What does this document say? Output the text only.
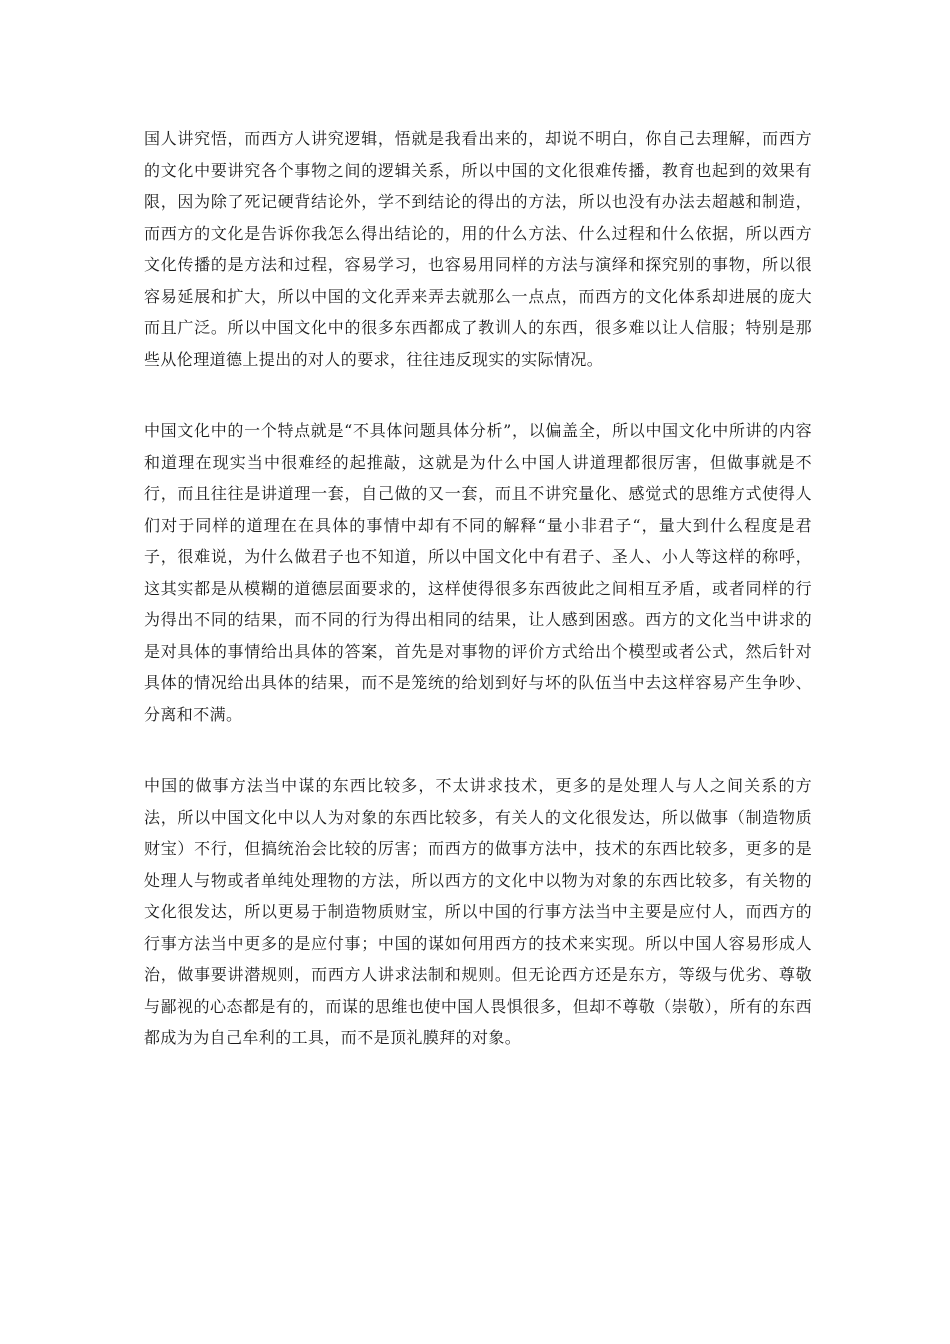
国人讲究悟，而西方人讲究逻辑，悟就是我看出来的，却说不明白，你自己去理解，而西方的文化中要讲究各个事物之间的逻辑关系，所以中国的文化很难传播，教育也起到的效果有限，因为除了死记硬背结论外，学不到结论的得出的方法，所以也没有办法去超越和制造，而西方的文化是告诉你我怎么得出结论的，用的什么方法、什么过程和什么依据，所以西方文化传播的是方法和过程，容易学习，也容易用同样的方法与演绎和探究别的事物，所以很容易延展和扩大，所以中国的文化弄来弄去就那么一点点，而西方的文化体系却进展的庞大而且广泛。所以中国文化中的很多东西都成了教训人的东西，很多难以让人信服；特别是那些从伦理道德上提出的对人的要求，往往违反现实的实际情况。

中国文化中的一个特点就是“不具体问题具体分析”，以偏盖全，所以中国文化中所讲的内容和道理在现实当中很难经的起推敲，这就是为什么中国人讲道理都很厉害，但做事就是不行，而且往往是讲道理一套，自己做的又一套，而且不讲究量化、感觉式的思维方式使得人们对于同样的道理在在具体的事情中却有不同的解释“量小非君子“，量大到什么程度是君子，很难说，为什么做君子也不知道，所以中国文化中有君子、圣人、小人等这样的称呼，这其实都是从模糊的道德层面要求的，这样使得很多东西彼此之间相互矛盾，或者同样的行为得出不同的结果，而不同的行为得出相同的结果，让人感到困惑。西方的文化当中讲求的是对具体的事情给出具体的答案，首先是对事物的评价方式给出个模型或者公式，然后针对具体的情况给出具体的结果，而不是笼统的给划到好与坏的队伍当中去这样容易产生争吵、分离和不满。

中国的做事方法当中谋的东西比较多，不太讲求技术，更多的是处理人与人之间关系的方法，所以中国文化中以人为对象的东西比较多，有关人的文化很发达，所以做事（制造物质财宝）不行，但搞统治会比较的厉害；而西方的做事方法中，技术的东西比较多，更多的是处理人与物或者单纯处理物的方法，所以西方的文化中以物为对象的东西比较多，有关物的文化很发达，所以更易于制造物质财宝，所以中国的行事方法当中主要是应付人，而西方的行事方法当中更多的是应付事；中国的谋如何用西方的技术来实现。所以中国人容易形成人治，做事要讲潜规则，而西方人讲求法制和规则。但无论西方还是东方，等级与优劣、尊敬与鄙视的心态都是有的，而谋的思维也使中国人畏惧很多，但却不尊敬（崇敬），所有的东西都成为为自己牟利的工具，而不是顶礼膜拜的对象。
